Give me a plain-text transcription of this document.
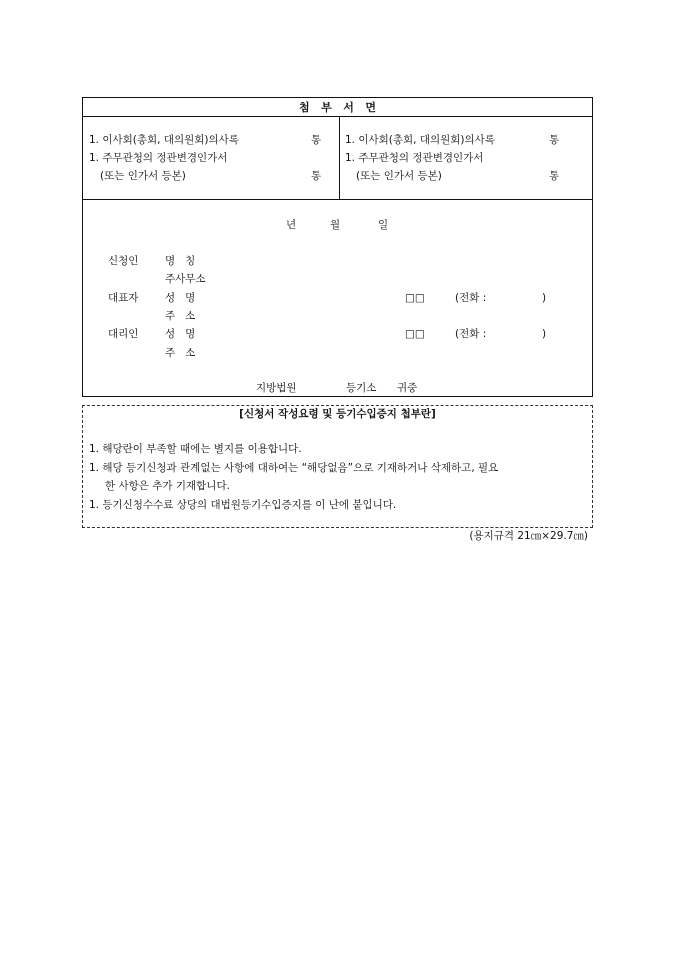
첨   부   서   면
1. 이사회(총회, 대의원회)의사록	통
1. 주무관청의 정관변경인가서
(또는 인가서 등본)	통
1. 이사회(총회, 대의원회)의사록	통
1. 주무관청의 정관변경인가서
(또는 인가서 등본)	통
년	월	일
신청인	명   칭
주사무소
대표자	성   명	□□	(전화 :	)
주   소
대리인	성   명	□□	(전화 :	)
주   소
지방법원	등기소 귀중
[신청서 작성요령 및 등기수입증지 첩부란]
1. 해당란이 부족할 때에는 별지를 이용합니다.
1. 해당 등기신청과 관계없는 사항에 대하여는 “해당없음”으로 기재하거나 삭제하고, 필요
한 사항은 추가 기재합니다.
1. 등기신청수수료 상당의 대법원등기수입증지를 이 난에 붙입니다.
(용지규격 21㎝×29.7㎝)
